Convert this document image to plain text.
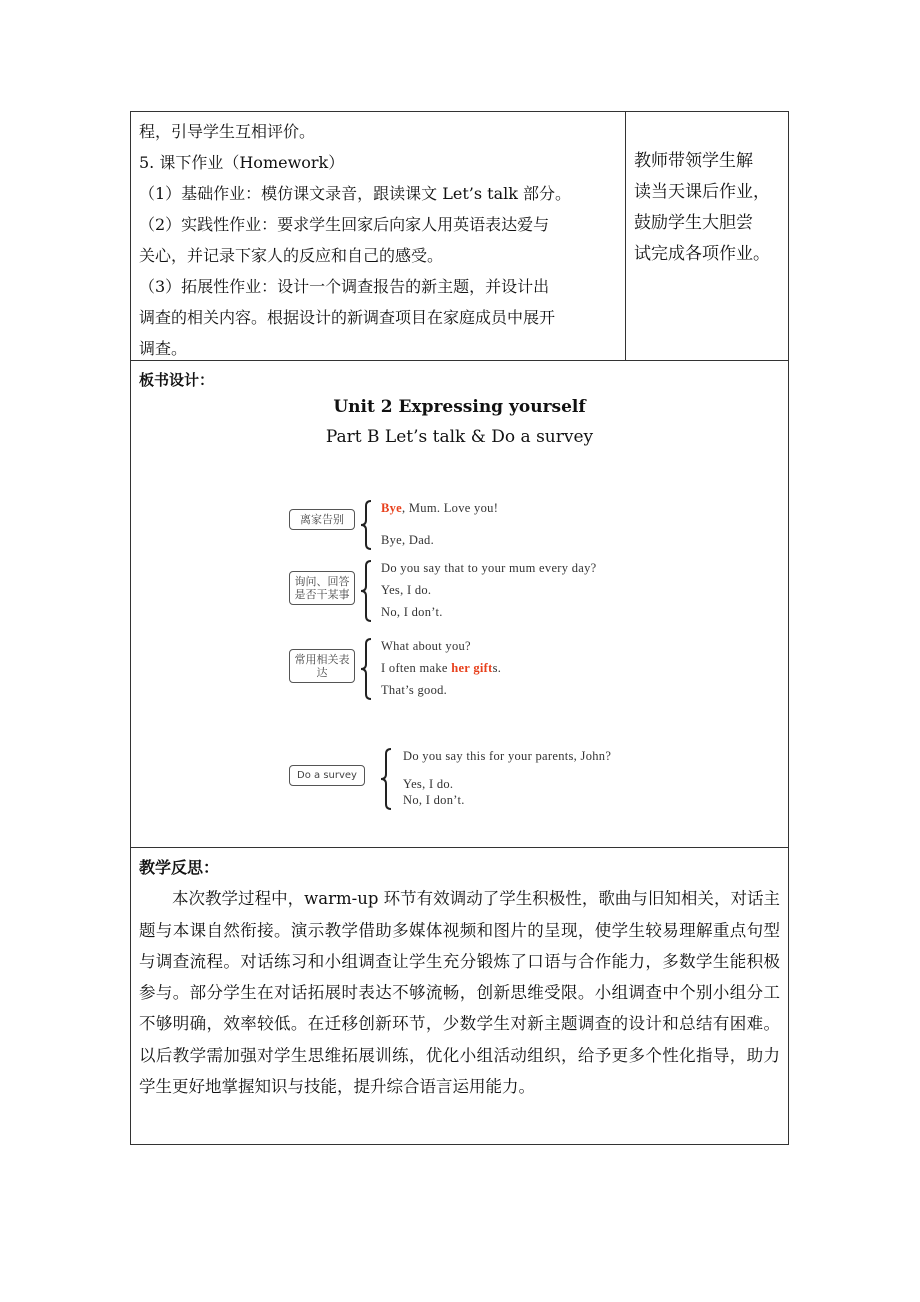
程，引导学生互相评价。
5. 课下作业（Homework）
（1）基础作业：模仿课文录音，跟读课文 Let’s talk 部分。
（2）实践性作业：要求学生回家后向家人用英语表达爱与
关心，并记录下家人的反应和自己的感受。
（3）拓展性作业：设计一个调查报告的新主题，并设计出
调查的相关内容。根据设计的新调查项目在家庭成员中展开
调查。
教师带领学生解
读当天课后作业，
鼓励学生大胆尝
试完成各项作业。
板书设计：
Unit 2 Expressing yourself
Part B Let’s talk & Do a survey
离家告别
Bye, Mum. Love you!
Bye, Dad.
询问、回答是否干某事
Do you say that to your mum every day?
Yes, I do.
No, I don’t.
常用相关表达
What about you?
I often make her gifts.
That’s good.
Do a survey
Do you say this for your parents, John?
Yes, I do.
No, I don’t.
教学反思：
本次教学过程中，warm-up 环节有效调动了学生积极性，歌曲与旧知相关，对话主题与本课自然衔接。演示教学借助多媒体视频和图片的呈现，使学生较易理解重点句型与调查流程。对话练习和小组调查让学生充分锻炼了口语与合作能力，多数学生能积极参与。部分学生在对话拓展时表达不够流畅，创新思维受限。小组调查中个别小组分工不够明确，效率较低。在迁移创新环节，少数学生对新主题调查的设计和总结有困难。以后教学需加强对学生思维拓展训练，优化小组活动组织，给予更多个性化指导，助力学生更好地掌握知识与技能，提升综合语言运用能力。
